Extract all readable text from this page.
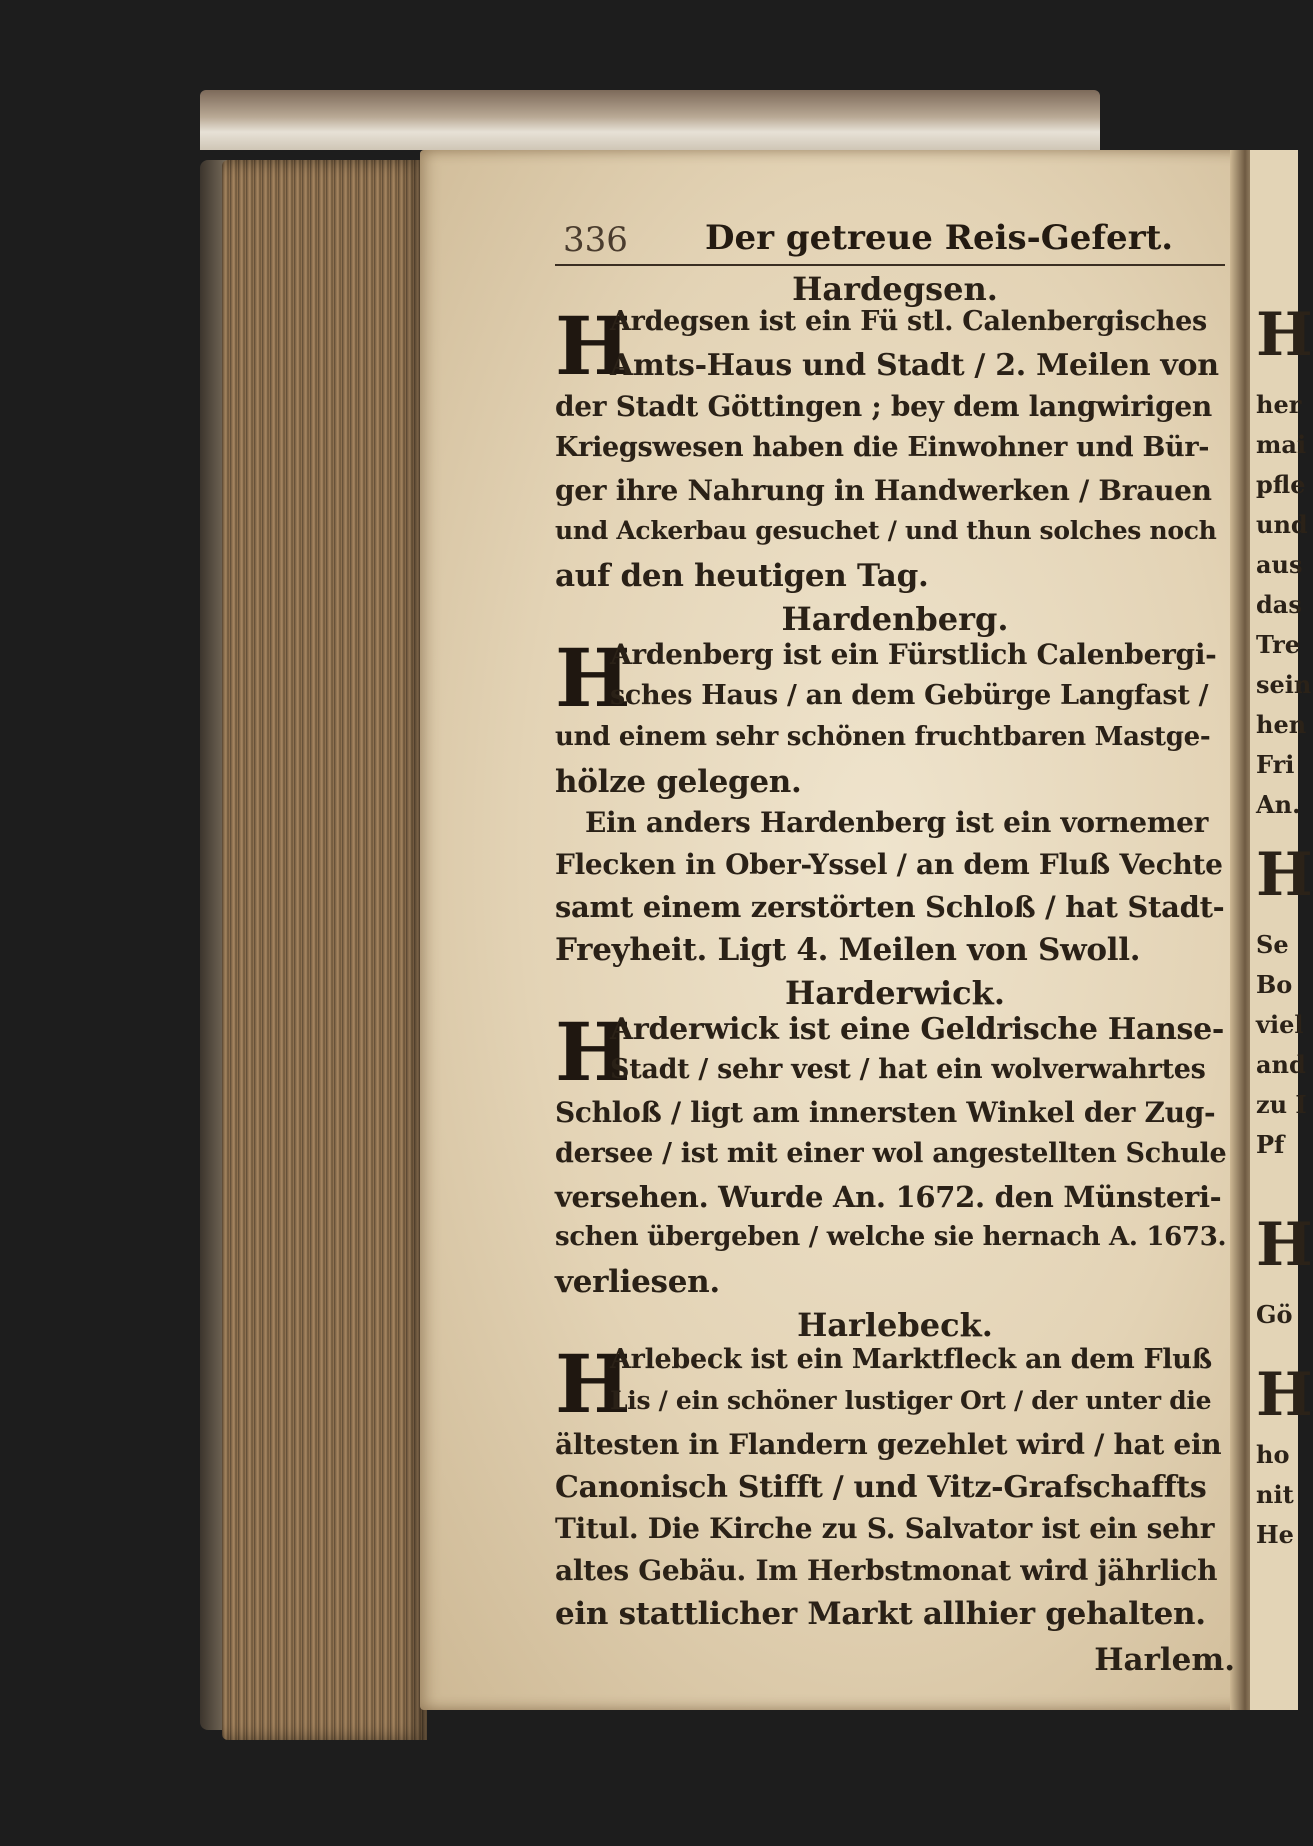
H
her
mai
pfle
und
aus
das
Tre
sein
hen
Fri
An.
H
Se
Bo
viel
and
zu I
Pf
H
Gö
H
ho
nit
He
336 Der getreue Reis-Gefert.
Hardegsen.
H
Ardegsen ist ein Fü stl. Calenbergisches
Amts-Haus und Stadt / 2. Meilen von
der Stadt Göttingen ; bey dem langwirigen
Kriegswesen haben die Einwohner und Bür-
ger ihre Nahrung in Handwerken / Brauen
und Ackerbau gesuchet / und thun solches noch
auf den heutigen Tag.
Hardenberg.
H
Ardenberg ist ein Fürstlich Calenbergi-
sches Haus / an dem Gebürge Langfast /
und einem sehr schönen fruchtbaren Mastge-
hölze gelegen.
Ein anders Hardenberg ist ein vornemer
Flecken in Ober-Yssel / an dem Fluß Vechte
samt einem zerstörten Schloß / hat Stadt-
Freyheit. Ligt 4. Meilen von Swoll.
Harderwick.
H
Arderwick ist eine Geldrische Hanse-
Stadt / sehr vest / hat ein wolverwahrtes
Schloß / ligt am innersten Winkel der Zug-
dersee / ist mit einer wol angestellten Schule
versehen. Wurde An. 1672. den Münsteri-
schen übergeben / welche sie hernach A. 1673.
verliesen.
Harlebeck.
H
Arlebeck ist ein Marktfleck an dem Fluß
Lis / ein schöner lustiger Ort / der unter die
ältesten in Flandern gezehlet wird / hat ein
Canonisch Stifft / und Vitz-Grafschaffts
Titul. Die Kirche zu S. Salvator ist ein sehr
altes Gebäu. Im Herbstmonat wird jährlich
ein stattlicher Markt allhier gehalten.
Harlem.
